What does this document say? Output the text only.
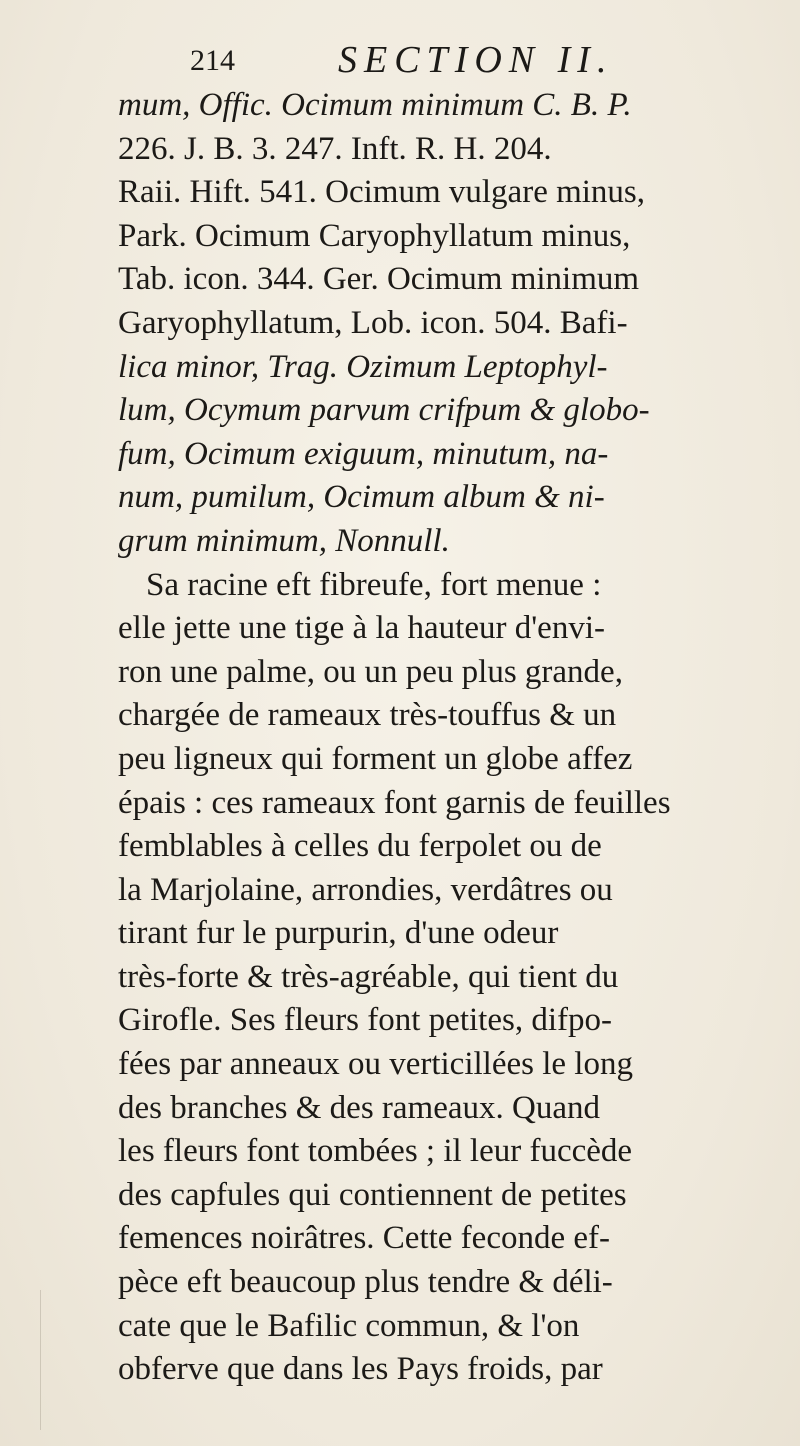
214	SECTION II.
mum, Offic. Ocimum minimum C. B. P.
226. J. B. 3. 247. Inft. R. H. 204.
Raii. Hift. 541. Ocimum vulgare minus,
Park. Ocimum Caryophyllatum minus,
Tab. icon. 344. Ger. Ocimum minimum
Garyophyllatum, Lob. icon. 504. Bafi-
lica minor, Trag. Ozimum Leptophyl-
lum, Ocymum parvum crifpum & globo-
fum, Ocimum exiguum, minutum, na-
num, pumilum, Ocimum album & ni-
grum minimum, Nonnull.
Sa racine eft fibreufe, fort menue :
elle jette une tige à la hauteur d'envi-
ron une palme, ou un peu plus grande,
chargée de rameaux très-touffus & un
peu ligneux qui forment un globe affez
épais : ces rameaux font garnis de feuilles
femblables à celles du ferpolet ou de
la Marjolaine, arrondies, verdâtres ou
tirant fur le purpurin, d'une odeur
très-forte & très-agréable, qui tient du
Girofle. Ses fleurs font petites, difpo-
fées par anneaux ou verticillées le long
des branches & des rameaux. Quand
les fleurs font tombées ; il leur fuccède
des capfules qui contiennent de petites
femences noirâtres. Cette feconde ef-
pèce eft beaucoup plus tendre & déli-
cate que le Bafilic commun, & l'on
obferve que dans les Pays froids, par
